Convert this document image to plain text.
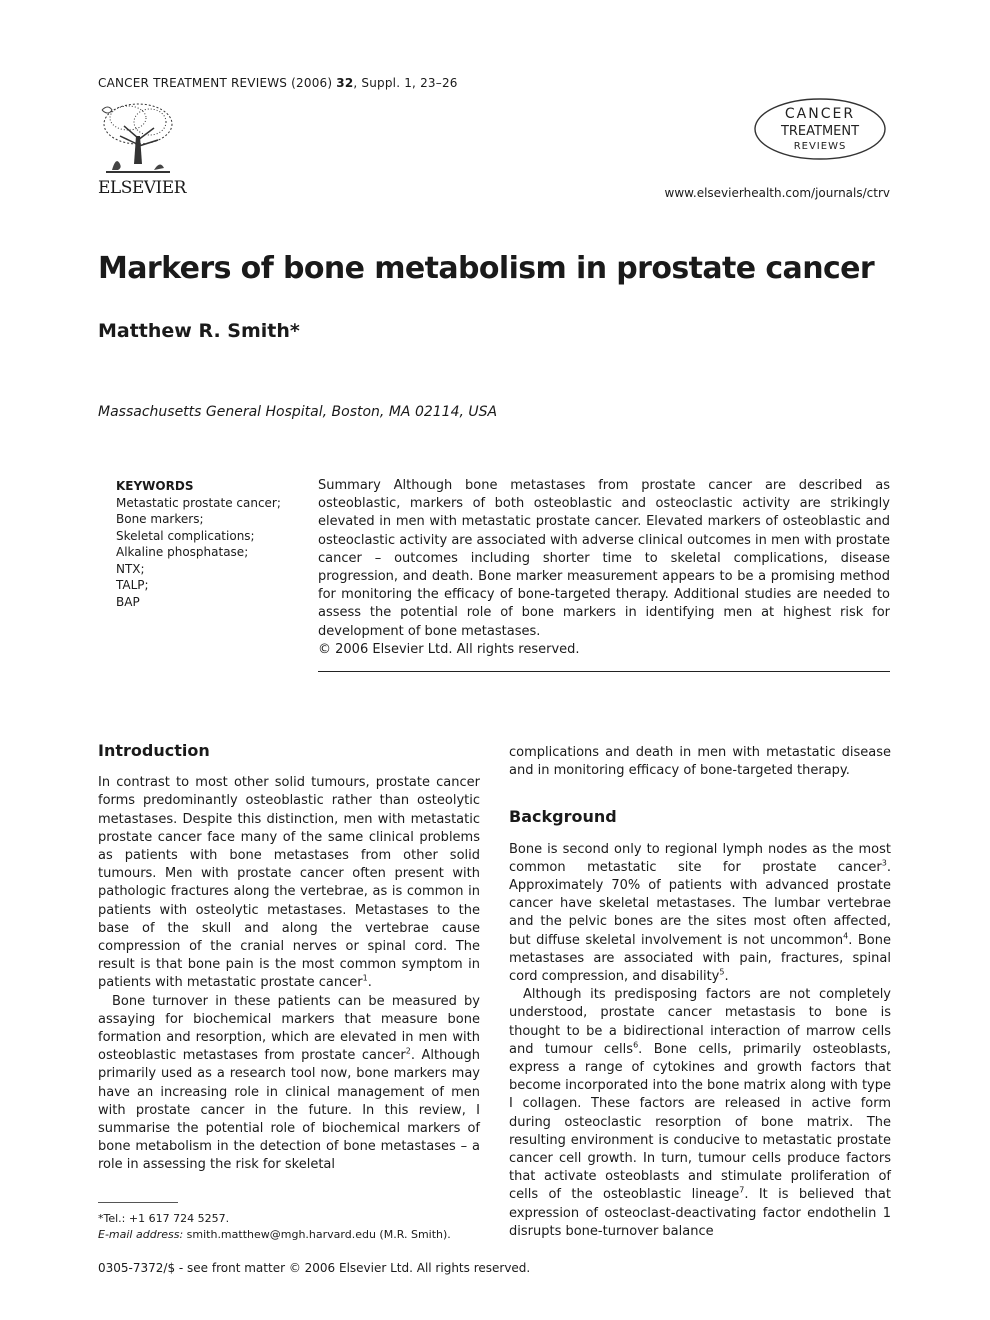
CANCER TREATMENT REVIEWS (2006) 32, Suppl. 1, 23–26
ELSEVIER
CANCER
TREATMENT
REVIEWS
www.elsevierhealth.com/journals/ctrv
Markers of bone metabolism in prostate cancer
Matthew R. Smith*
Massachusetts General Hospital, Boston, MA 02114, USA
KEYWORDS
Metastatic prostate cancer;
Bone markers;
Skeletal complications;
Alkaline phosphatase;
NTX;
TALP;
BAP

Summary Although bone metastases from prostate cancer are described as osteoblastic, markers of both osteoblastic and osteoclastic activity are strikingly elevated in men with metastatic prostate cancer. Elevated markers of osteoblastic and osteoclastic activity are associated with adverse clinical outcomes in men with prostate cancer – outcomes including shorter time to skeletal complications, disease progression, and death. Bone marker measurement appears to be a promising method for monitoring the efficacy of bone-targeted therapy. Additional studies are needed to assess the potential role of bone markers in identifying men at highest risk for development of bone metastases.

© 2006 Elsevier Ltd. All rights reserved.

Introduction

In contrast to most other solid tumours, prostate cancer forms predominantly osteoblastic rather than osteolytic metastases. Despite this distinction, men with metastatic prostate cancer face many of the same clinical problems as patients with bone metastases from other solid tumours. Men with prostate cancer often present with pathologic fractures along the vertebrae, as is common in patients with osteolytic metastases. Metastases to the base of the skull and along the vertebrae cause compression of the cranial nerves or spinal cord. The result is that bone pain is the most common symptom in patients with metastatic prostate cancer$^1$.

Bone turnover in these patients can be measured by assaying for biochemical markers that measure bone formation and resorption, which are elevated in men with osteoblastic metastases from prostate cancer$^2$. Although primarily used as a research tool now, bone markers may have an increasing role in clinical management of men with prostate cancer in the future. In this review, I summarise the potential role of biochemical markers of bone metabolism in the detection of bone metastases – a role in assessing the risk for skeletal

complications and death in men with metastatic disease and in monitoring efficacy of bone-targeted therapy.

Background

Bone is second only to regional lymph nodes as the most common metastatic site for prostate cancer$^3$. Approximately 70% of patients with advanced prostate cancer have skeletal metastases. The lumbar vertebrae and the pelvic bones are the sites most often affected, but diffuse skeletal involvement is not uncommon$^4$. Bone metastases are associated with pain, fractures, spinal cord compression, and disability$^5$.

Although its predisposing factors are not completely understood, prostate cancer metastasis to bone is thought to be a bidirectional interaction of marrow cells and tumour cells$^6$. Bone cells, primarily osteoblasts, express a range of cytokines and growth factors that become incorporated into the bone matrix along with type I collagen. These factors are released in active form during osteoclastic resorption of bone matrix. The resulting environment is conducive to metastatic prostate cancer cell growth. In turn, tumour cells produce factors that activate osteoblasts and stimulate proliferation of cells of the osteoblastic lineage$^7$. It is believed that expression of osteoclast-deactivating factor endothelin 1 disrupts bone-turnover balance

*Tel.: +1 617 724 5257.
E-mail address: smith.matthew@mgh.harvard.edu (M.R. Smith).
0305-7372/$ - see front matter © 2006 Elsevier Ltd. All rights reserved.
